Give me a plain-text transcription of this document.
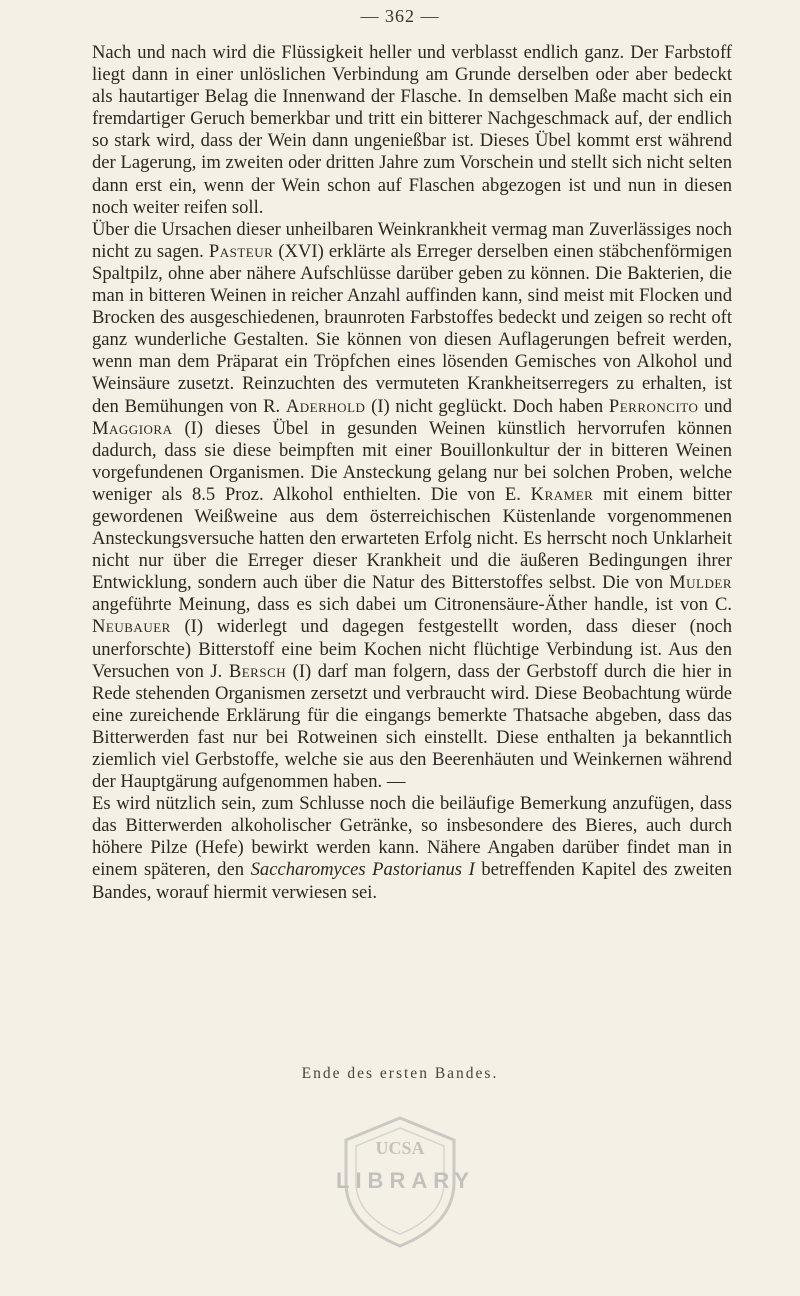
— 362 —

Nach und nach wird die Flüssigkeit heller und verblasst endlich ganz. Der Farbstoff liegt dann in einer unlöslichen Verbindung am Grunde derselben oder aber bedeckt als hautartiger Belag die Innenwand der Flasche. In demselben Maße macht sich ein fremdartiger Geruch bemerkbar und tritt ein bitterer Nachgeschmack auf, der endlich so stark wird, dass der Wein dann ungenießbar ist. Dieses Übel kommt erst während der Lagerung, im zweiten oder dritten Jahre zum Vorschein und stellt sich nicht selten dann erst ein, wenn der Wein schon auf Flaschen abgezogen ist und nun in diesen noch weiter reifen soll.

Über die Ursachen dieser unheilbaren Weinkrankheit vermag man Zuverlässiges noch nicht zu sagen. Pasteur (XVI) erklärte als Erreger derselben einen stäbchenförmigen Spaltpilz, ohne aber nähere Aufschlüsse darüber geben zu können. Die Bakterien, die man in bitteren Weinen in reicher Anzahl auffinden kann, sind meist mit Flocken und Brocken des ausgeschiedenen, braunroten Farbstoffes bedeckt und zeigen so recht oft ganz wunderliche Gestalten. Sie können von diesen Auflagerungen befreit werden, wenn man dem Präparat ein Tröpfchen eines lösenden Gemisches von Alkohol und Weinsäure zusetzt. Reinzuchten des vermuteten Krankheitserregers zu erhalten, ist den Bemühungen von R. Aderhold (I) nicht geglückt. Doch haben Perroncito und Maggiora (I) dieses Übel in gesunden Weinen künstlich hervorrufen können dadurch, dass sie diese beimpften mit einer Bouillonkultur der in bitteren Weinen vorgefundenen Organismen. Die Ansteckung gelang nur bei solchen Proben, welche weniger als 8.5 Proz. Alkohol enthielten. Die von E. Kramer mit einem bitter gewordenen Weißweine aus dem österreichischen Küstenlande vorgenommenen Ansteckungsversuche hatten den erwarteten Erfolg nicht. Es herrscht noch Unklarheit nicht nur über die Erreger dieser Krankheit und die äußeren Bedingungen ihrer Entwicklung, sondern auch über die Natur des Bitterstoffes selbst. Die von Mulder angeführte Meinung, dass es sich dabei um Citronensäure-Äther handle, ist von C. Neubauer (I) widerlegt und dagegen festgestellt worden, dass dieser (noch unerforschte) Bitterstoff eine beim Kochen nicht flüchtige Verbindung ist. Aus den Versuchen von J. Bersch (I) darf man folgern, dass der Gerbstoff durch die hier in Rede stehenden Organismen zersetzt und verbraucht wird. Diese Beobachtung würde eine zureichende Erklärung für die eingangs bemerkte Thatsache abgeben, dass das Bitterwerden fast nur bei Rotweinen sich einstellt. Diese enthalten ja bekanntlich ziemlich viel Gerbstoffe, welche sie aus den Beerenhäuten und Weinkernen während der Hauptgärung aufgenommen haben. —

Es wird nützlich sein, zum Schlusse noch die beiläufige Bemerkung anzufügen, dass das Bitterwerden alkoholischer Getränke, so insbesondere des Bieres, auch durch höhere Pilze (Hefe) bewirkt werden kann. Nähere Angaben darüber findet man in einem späteren, den Saccharomyces Pastorianus I betreffenden Kapitel des zweiten Bandes, worauf hiermit verwiesen sei.

Ende des ersten Bandes.
UCSA
LIBRARY
